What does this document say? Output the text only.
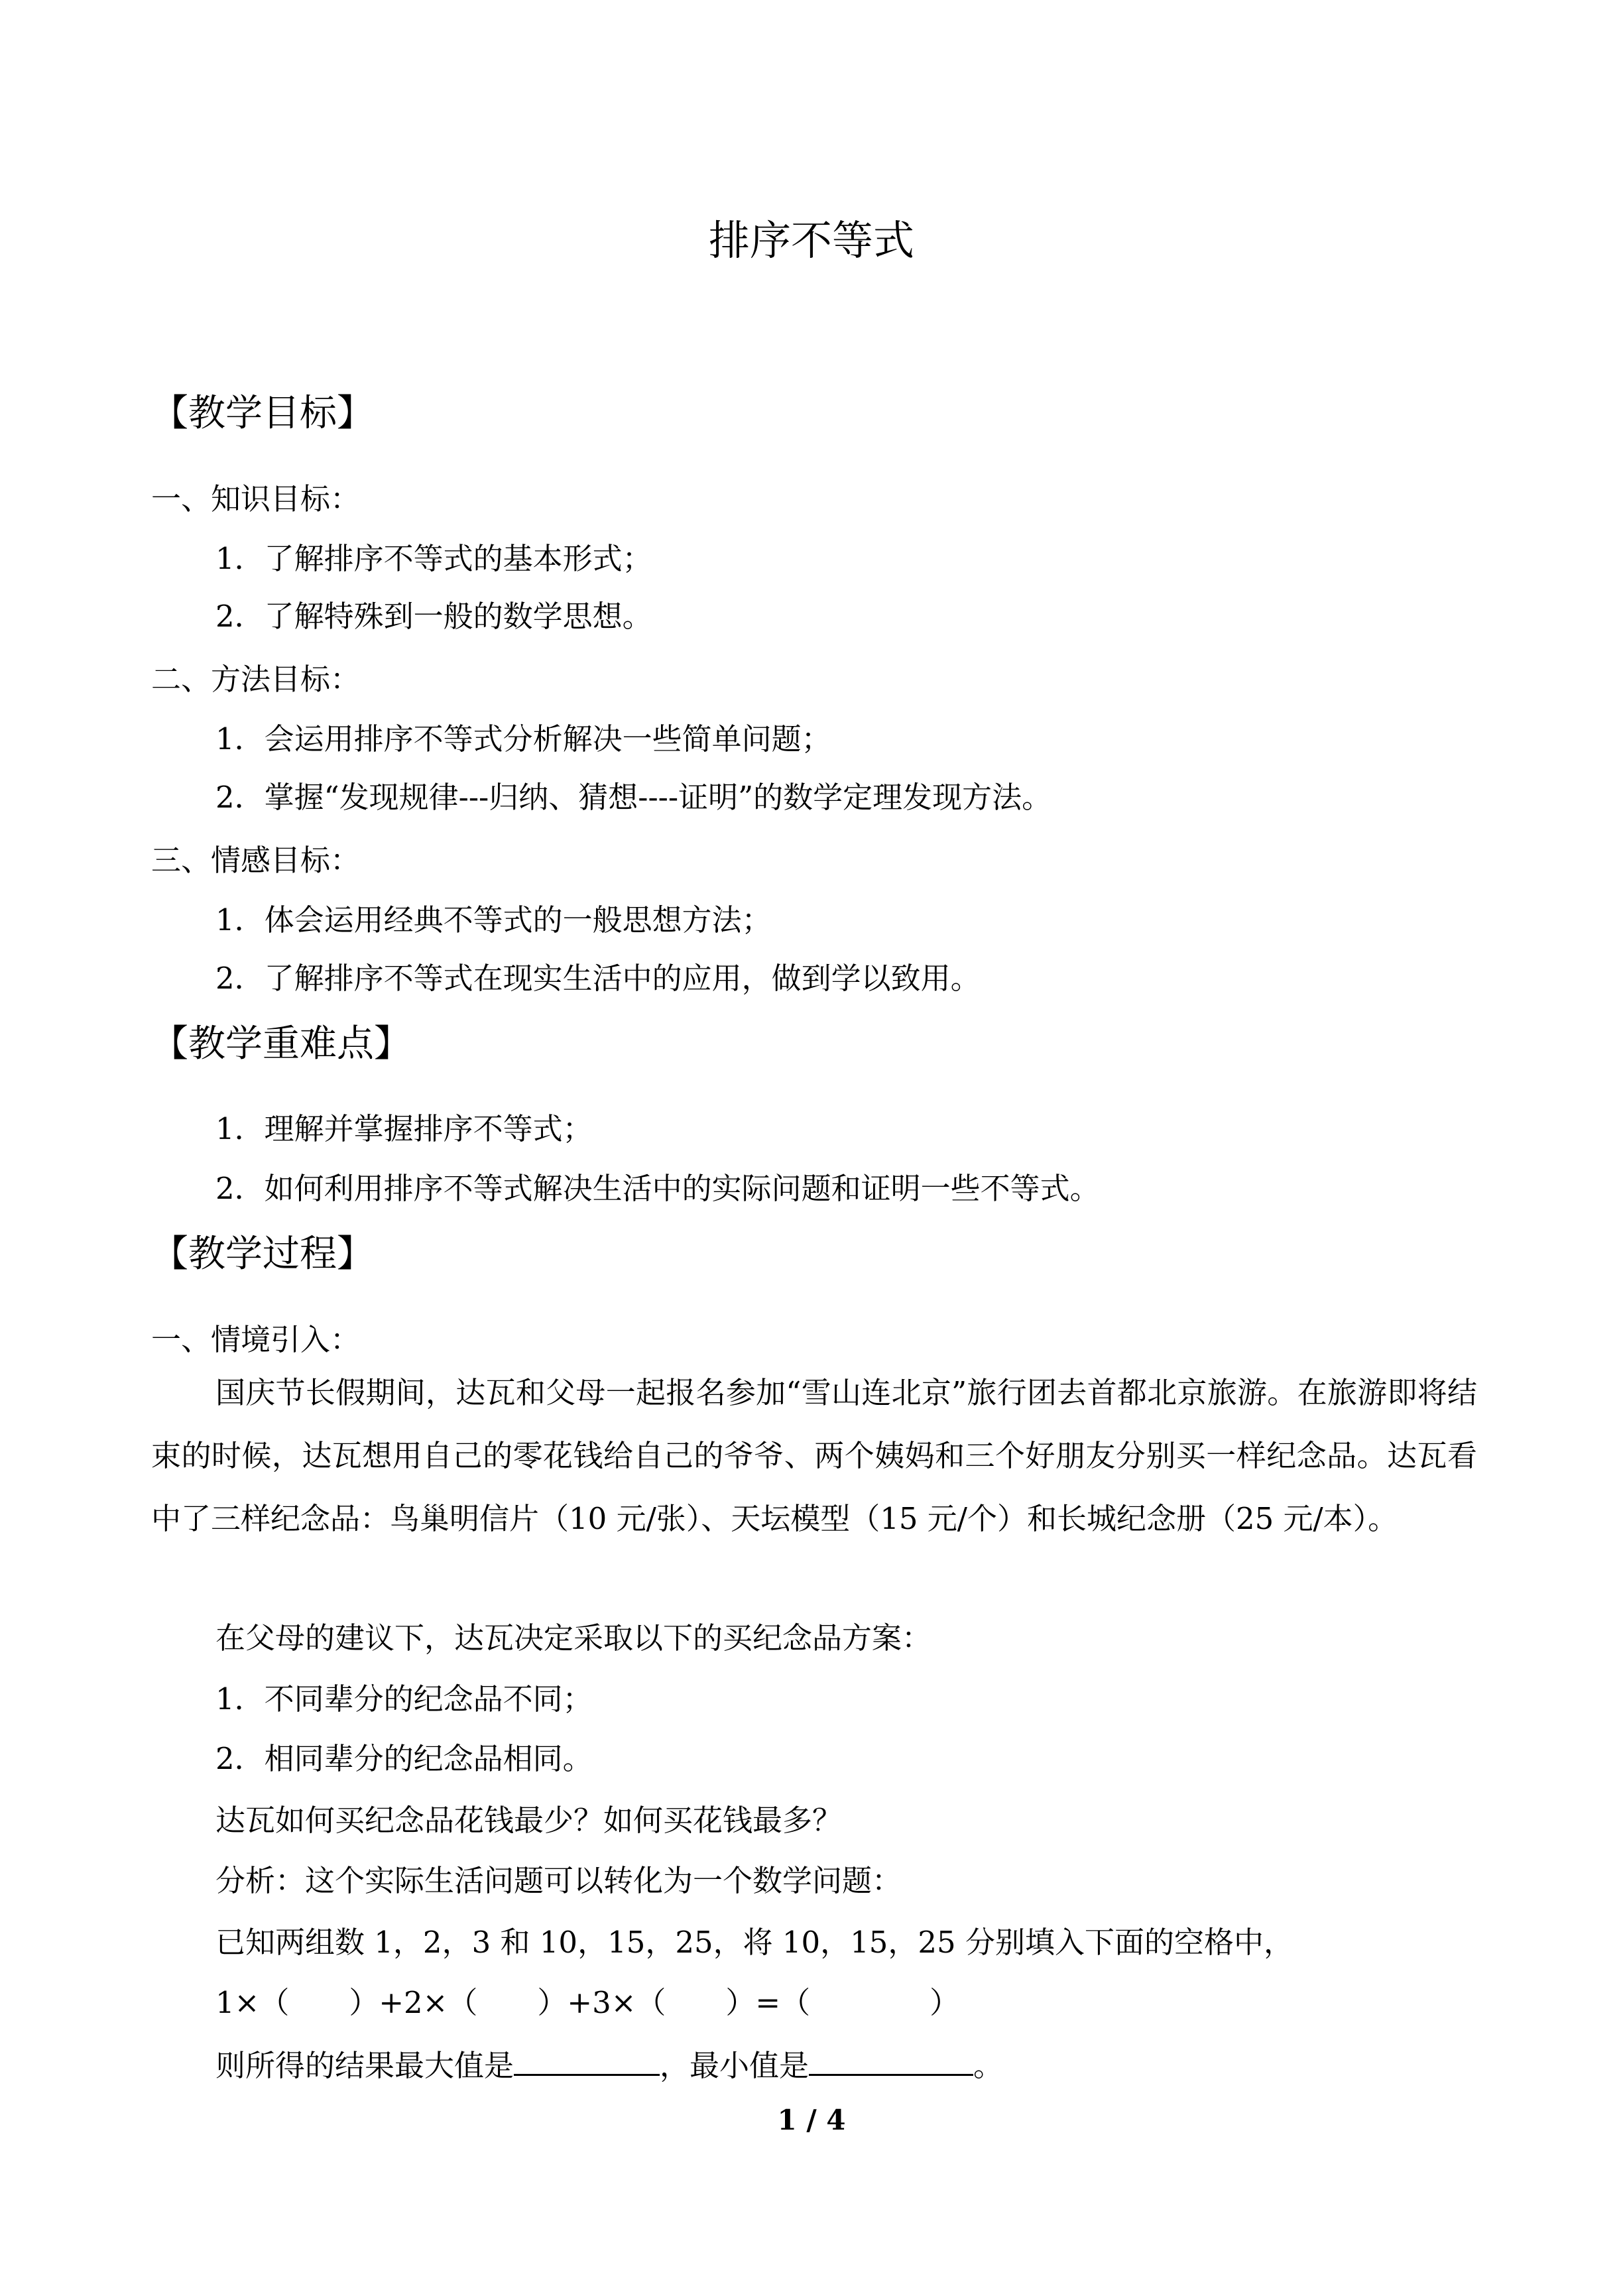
排序不等式
【教学目标】
一、知识目标：
1．了解排序不等式的基本形式；
2．了解特殊到一般的数学思想。
二、方法目标：
1．会运用排序不等式分析解决一些简单问题；
2．掌握“发现规律---归纳、猜想----证明”的数学定理发现方法。
三、情感目标：
1．体会运用经典不等式的一般思想方法；
2．了解排序不等式在现实生活中的应用，做到学以致用。
【教学重难点】
1．理解并掌握排序不等式；
2．如何利用排序不等式解决生活中的实际问题和证明一些不等式。
【教学过程】
一、情境引入：
国庆节长假期间，达瓦和父母一起报名参加“雪山连北京”旅行团去首都北京旅游。在旅游即将结束的时候，达瓦想用自己的零花钱给自己的爷爷、两个姨妈和三个好朋友分别买一样纪念品。达瓦看中了三样纪念品：鸟巢明信片（10 元/张）、天坛模型（15 元/个）和长城纪念册（25 元/本）。
在父母的建议下，达瓦决定采取以下的买纪念品方案：
1．不同辈分的纪念品不同；
2．相同辈分的纪念品相同。
达瓦如何买纪念品花钱最少？如何买花钱最多？
分析：这个实际生活问题可以转化为一个数学问题：
已知两组数 1，2，3 和 10，15，25，将 10，15，25 分别填入下面的空格中，
1×（　　）+2×（　　）+3×（　　）=（　　　　）
则所得的结果最大值是	，最小值是	。
1 / 4
